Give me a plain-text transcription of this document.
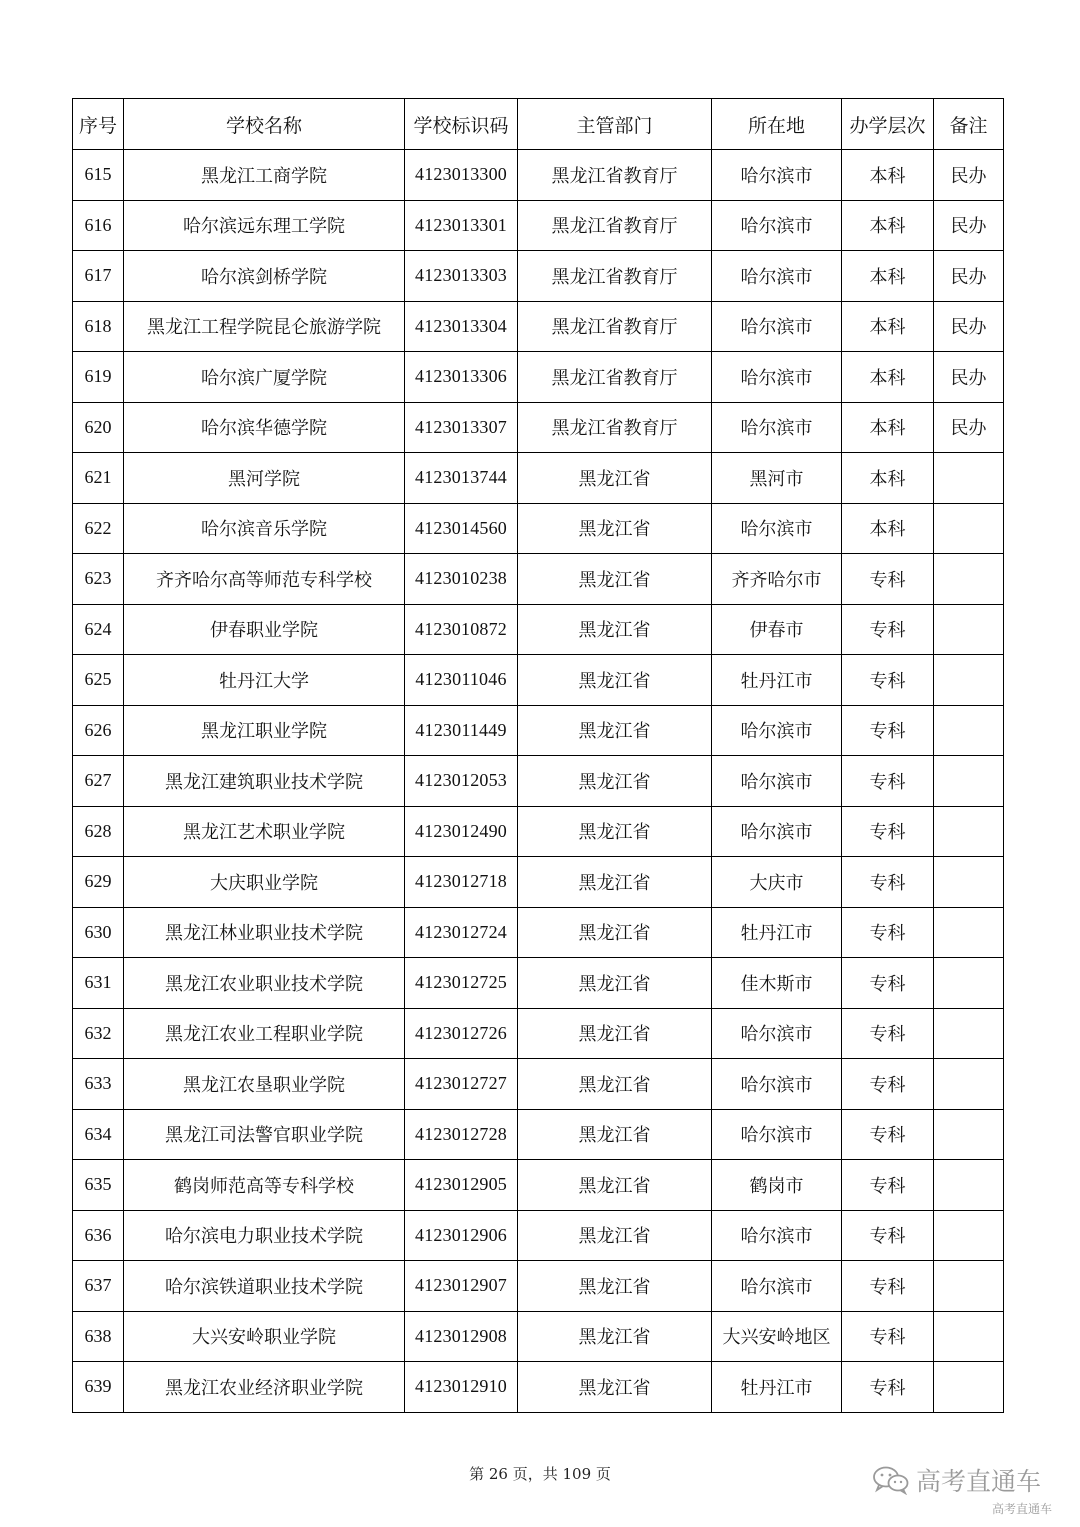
序号	学校名称	学校标识码	主管部门	所在地	办学层次	备注
615	黑龙江工商学院	4123013300	黑龙江省教育厅	哈尔滨市	本科	民办
616	哈尔滨远东理工学院	4123013301	黑龙江省教育厅	哈尔滨市	本科	民办
617	哈尔滨剑桥学院	4123013303	黑龙江省教育厅	哈尔滨市	本科	民办
618	黑龙江工程学院昆仑旅游学院	4123013304	黑龙江省教育厅	哈尔滨市	本科	民办
619	哈尔滨广厦学院	4123013306	黑龙江省教育厅	哈尔滨市	本科	民办
620	哈尔滨华德学院	4123013307	黑龙江省教育厅	哈尔滨市	本科	民办
621	黑河学院	4123013744	黑龙江省	黑河市	本科	
622	哈尔滨音乐学院	4123014560	黑龙江省	哈尔滨市	本科	
623	齐齐哈尔高等师范专科学校	4123010238	黑龙江省	齐齐哈尔市	专科	
624	伊春职业学院	4123010872	黑龙江省	伊春市	专科	
625	牡丹江大学	4123011046	黑龙江省	牡丹江市	专科	
626	黑龙江职业学院	4123011449	黑龙江省	哈尔滨市	专科	
627	黑龙江建筑职业技术学院	4123012053	黑龙江省	哈尔滨市	专科	
628	黑龙江艺术职业学院	4123012490	黑龙江省	哈尔滨市	专科	
629	大庆职业学院	4123012718	黑龙江省	大庆市	专科	
630	黑龙江林业职业技术学院	4123012724	黑龙江省	牡丹江市	专科	
631	黑龙江农业职业技术学院	4123012725	黑龙江省	佳木斯市	专科	
632	黑龙江农业工程职业学院	4123012726	黑龙江省	哈尔滨市	专科	
633	黑龙江农垦职业学院	4123012727	黑龙江省	哈尔滨市	专科	
634	黑龙江司法警官职业学院	4123012728	黑龙江省	哈尔滨市	专科	
635	鹤岗师范高等专科学校	4123012905	黑龙江省	鹤岗市	专科	
636	哈尔滨电力职业技术学院	4123012906	黑龙江省	哈尔滨市	专科	
637	哈尔滨铁道职业技术学院	4123012907	黑龙江省	哈尔滨市	专科	
638	大兴安岭职业学院	4123012908	黑龙江省	大兴安岭地区	专科	
639	黑龙江农业经济职业学院	4123012910	黑龙江省	牡丹江市	专科	
第 26 页，共 109 页	高考直通车
高考直通车
